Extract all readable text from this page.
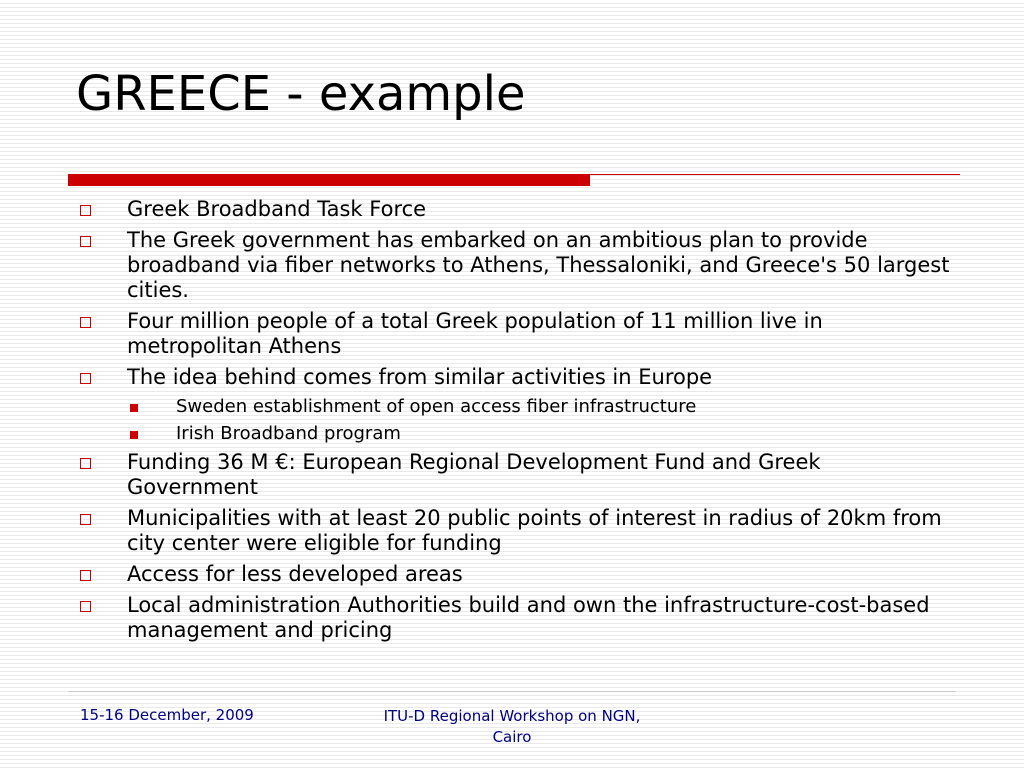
GREECE - example
Greek Broadband Task Force
The Greek government has embarked on an ambitious plan to provide broadband via fiber networks to Athens, Thessaloniki, and Greece's 50 largest cities.
Four million people of a total Greek population of 11 million live in metropolitan Athens
The idea behind comes from similar activities in Europe
Sweden establishment of open access fiber infrastructure
Irish Broadband program
Funding 36 M €: European Regional Development Fund and Greek Government
Municipalities with at least 20 public points of interest in radius of 20km from city center were eligible for funding
Access for less developed areas
Local administration Authorities build and own the infrastructure-cost-based management and pricing
15-16 December, 2009	ITU-D Regional Workshop on NGN,
Cairo
